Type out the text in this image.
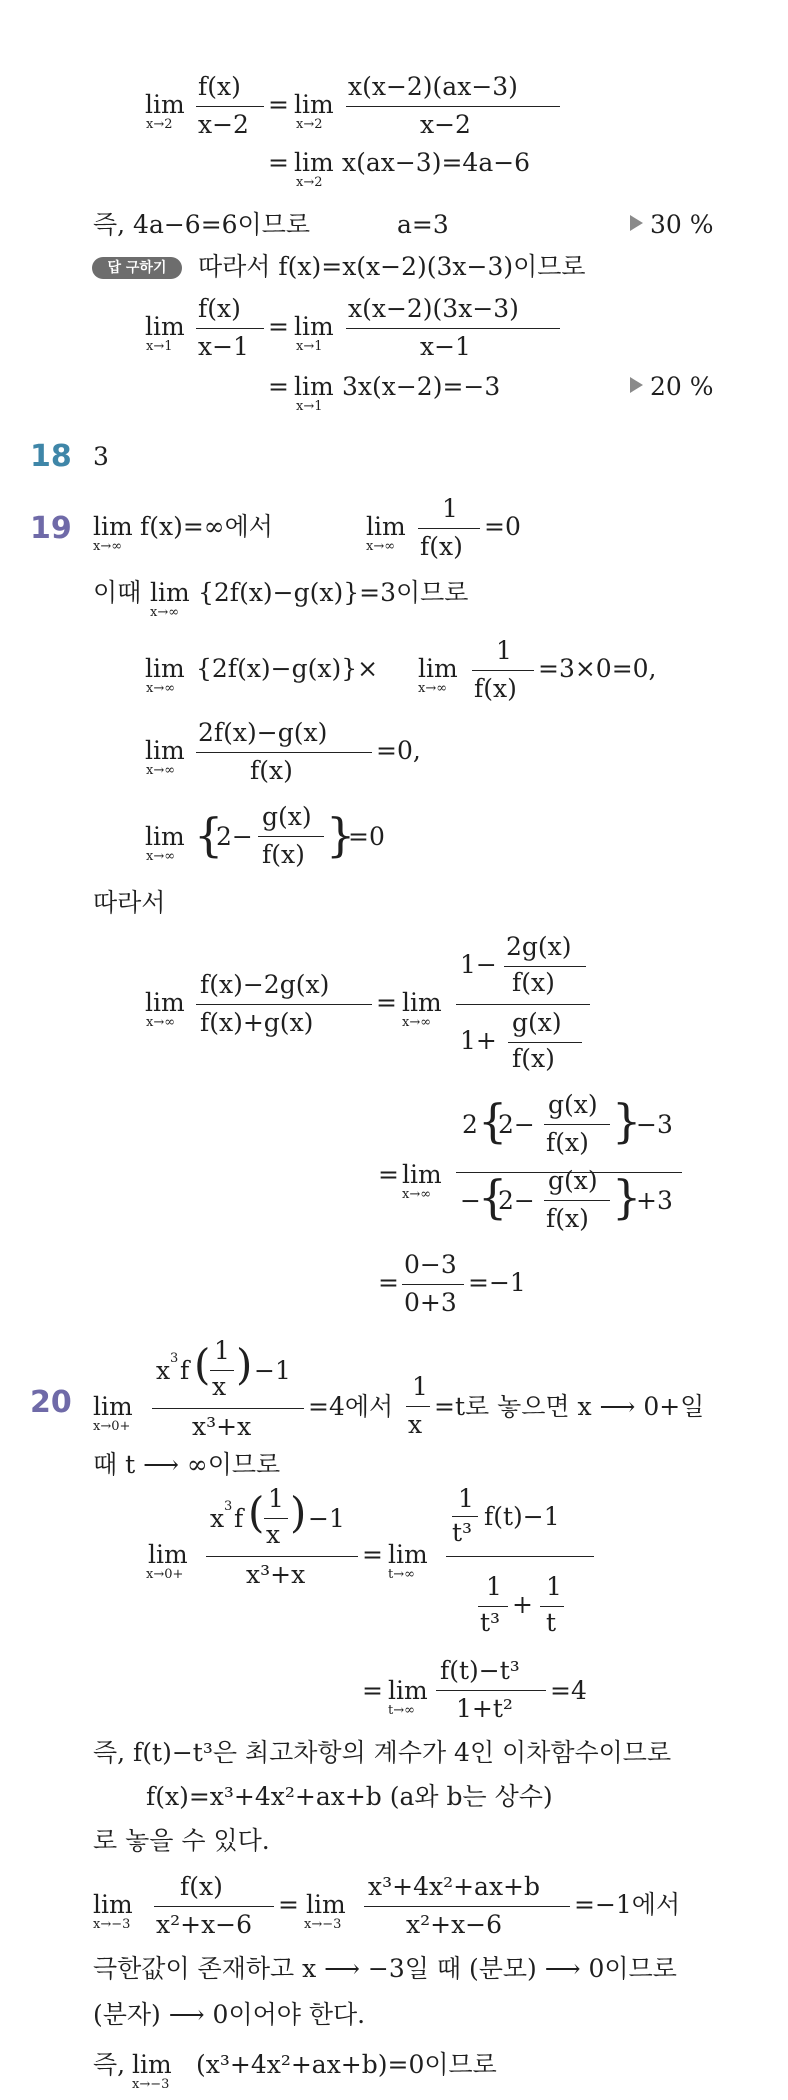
lim
x→2
f(x)
x−2
= lim
x→2
x(x−2)(ax−3)
x−2
= lim
x→2
x(ax−3)=4a−6
즉, 4a−6=6이므로	a=3	30 %
답 구하기	따라서 f(x)=x(x−2)(3x−3)이므로
lim
x→1
f(x)
x−1
= lim
x→1
x(x−2)(3x−3)
x−1
= lim
x→1
3x(x−2)=−3	20 %
18 3
19 lim
x→∞
f(x)=∞에서	lim
x→∞
1
f(x)
=0
이때 lim
x→∞
{2f(x)−g(x)}=3이므로
lim
x→∞
{2f(x)−g(x)}× lim
x→∞
1
f(x)
=3×0=0,
lim
x→∞
2f(x)−g(x)
f(x)
=0,
lim
x→∞ {
2−
g(x)
f(x) }
=0
따라서
lim
x→∞
f(x)−2g(x)
f(x)+g(x)
= lim
x→∞
1−
2g(x)
f(x)
1+
g(x)
f(x)
= lim
x→∞
2 {
2−
g(x)
f(x) }
−3
−
{
2−
g(x)
f(x) }
+3
=
0−3
0+3
=−1
20 lim
x→0+
x 3 f ( 1
x ) −1
x³+x
=4에서
1
x
=t로 놓으면 x ⟶ 0+일
때 t ⟶ ∞이므로
lim
x→0+
x 3 f ( 1
x ) −1
x³+x
= lim
t→∞
1
t³
f(t)−1
1
t³
+
1
t
= lim
t→∞
f(t)−t³
1+t²
=4
즉, f(t)−t³은 최고차항의 계수가 4인 이차함수이므로
f(x)=x³+4x²+ax+b (a와 b는 상수)
로 놓을 수 있다.
lim
x→−3
f(x)
x²+x−6
= lim
x→−3
x³+4x²+ax+b
x²+x−6
=−1에서
극한값이 존재하고 x ⟶ −3일 때 (분모) ⟶ 0이므로
(분자) ⟶ 0이어야 한다.
즉, lim
x→−3
(x³+4x²+ax+b)=0이므로
